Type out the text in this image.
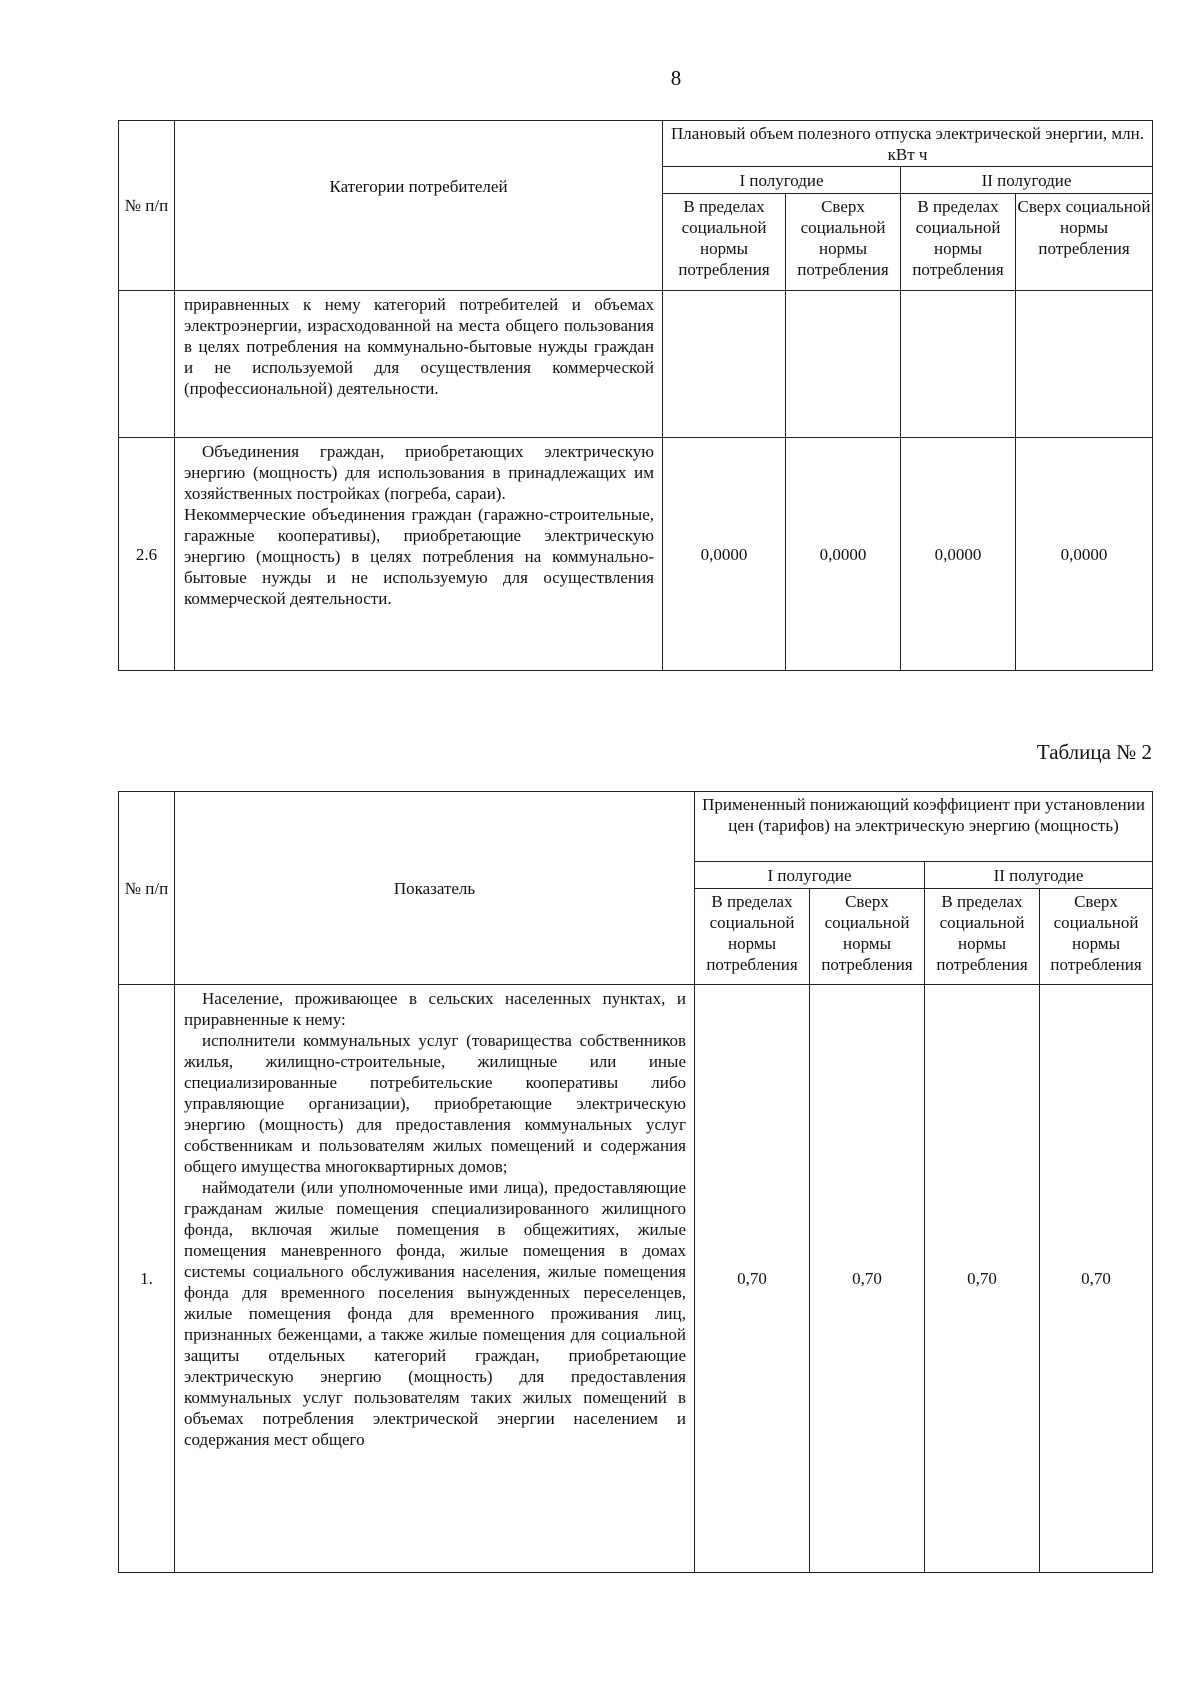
8
№ п/п	Категории потребителей	Плановый объем полезного отпуска электрической энергии, млн. кВт ч			
		I полугодие		II полугодие	
		В пределах социальной нормы потребления	Сверх социальной нормы потребления	В пределах социальной нормы потребления	Сверх социальной нормы потребления
	приравненных к нему категорий потребителей и объемах электроэнергии, израсходованной на места общего пользования в целях потребления на коммунально-бытовые нужды граждан и не используемой для осуществления коммерческой (профессиональной) деятельности.				
2.6	Объединения граждан, приобретающих электрическую энергию (мощность) для использования в принадлежащих им хозяйственных постройках (погреба, сараи).
Некоммерческие объединения граждан (гаражно-строительные, гаражные кооперативы), приобретающие электрическую энергию (мощность) в целях потребления на коммунально-бытовые нужды и не используемую для осуществления коммерческой деятельности.	0,0000	0,0000	0,0000	0,0000
Таблица № 2
№ п/п	Показатель	Примененный понижающий коэффициент при установлении цен (тарифов) на электрическую энергию (мощность)			
		I полугодие		II полугодие	
		В пределах социальной нормы потребления	Сверх социальной нормы потребления	В пределах социальной нормы потребления	Сверх социальной нормы потребления
1.	Население, проживающее в сельских населенных пунктах, и приравненные к нему:
исполнители коммунальных услуг (товарищества собственников жилья, жилищно-строительные, жилищные или иные специализированные потребительские кооперативы либо управляющие организации), приобретающие электрическую энергию (мощность) для предоставления коммунальных услуг собственникам и пользователям жилых помещений и содержания общего имущества многоквартирных домов;
наймодатели (или уполномоченные ими лица), предоставляющие гражданам жилые помещения специализированного жилищного фонда, включая жилые помещения в общежитиях, жилые помещения маневренного фонда, жилые помещения в домах системы социального обслуживания населения, жилые помещения фонда для временного поселения вынужденных переселенцев, жилые помещения фонда для временного проживания лиц, признанных беженцами, а также жилые помещения для социальной защиты отдельных категорий граждан, приобретающие электрическую энергию (мощность) для предоставления коммунальных услуг пользователям таких жилых помещений в объемах потребления электрической энергии населением и содержания мест общего	0,70	0,70	0,70	0,70
